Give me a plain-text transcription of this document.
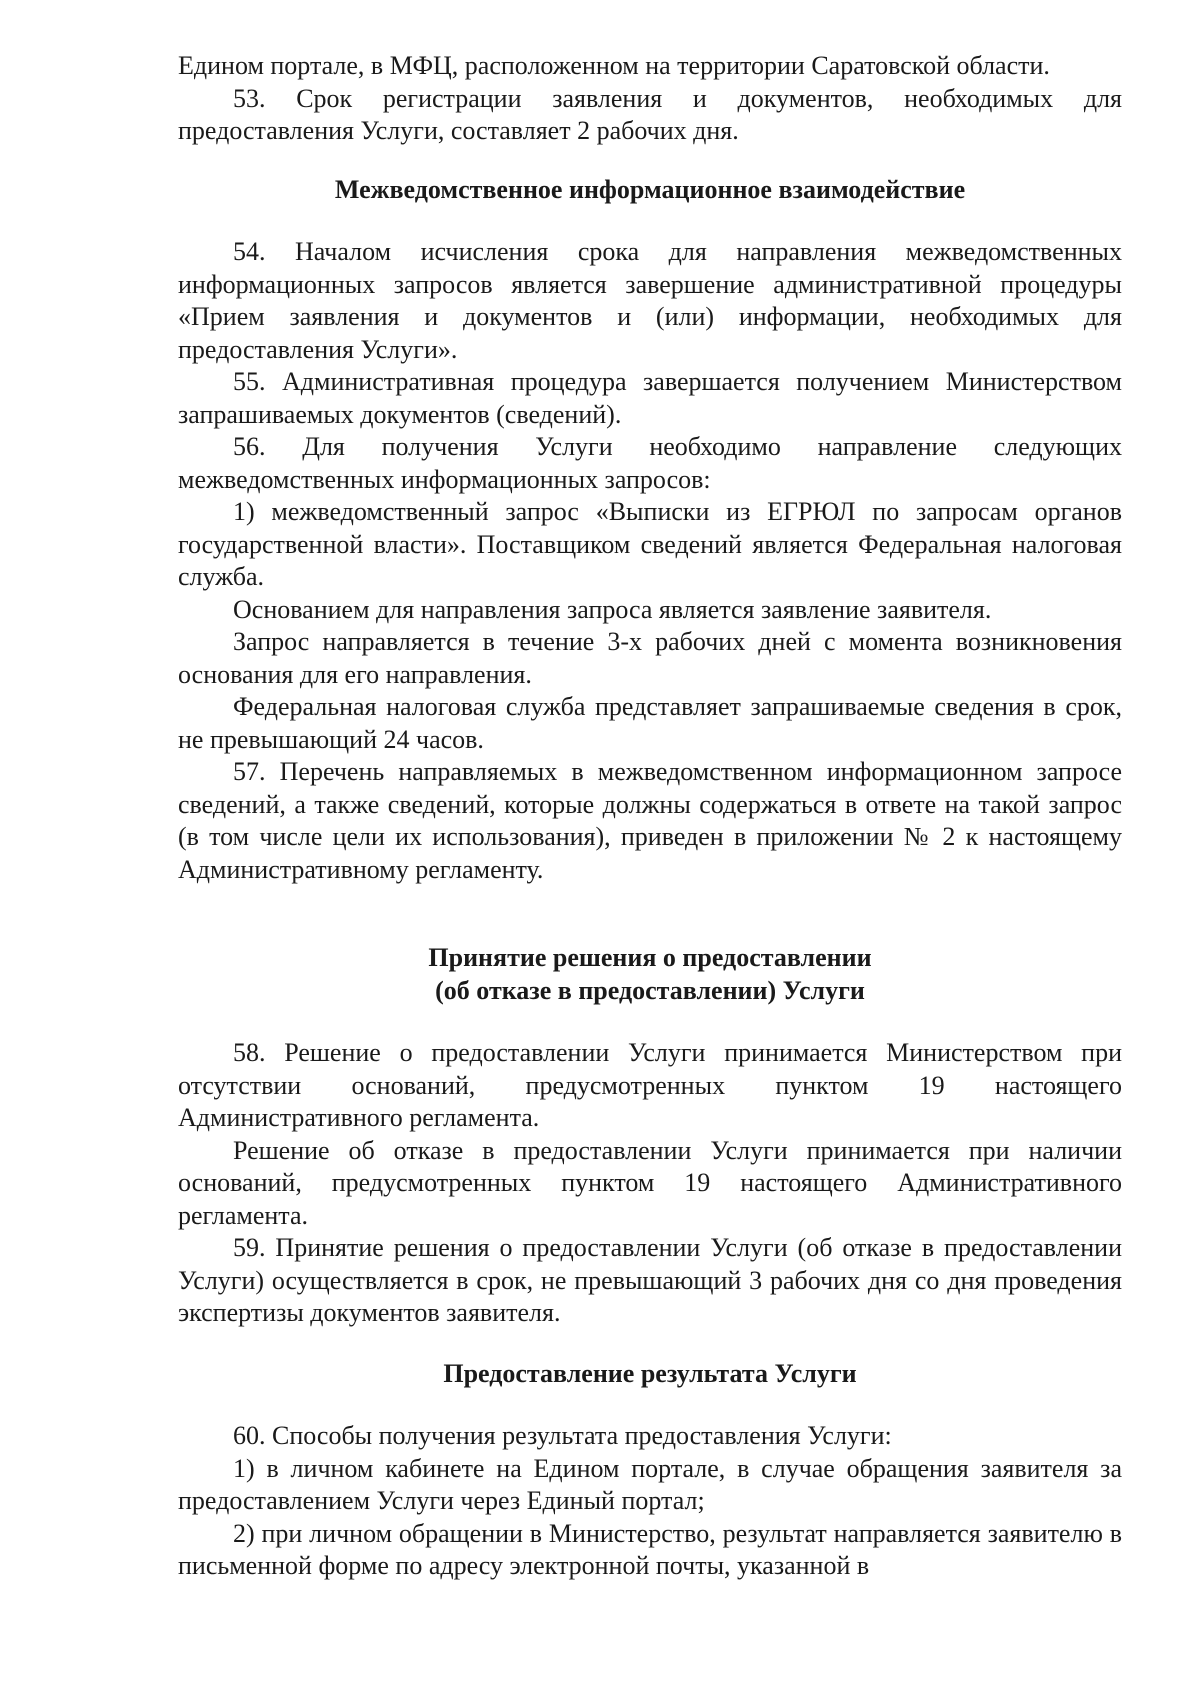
Едином портале, в МФЦ, расположенном на территории Саратовской области.

53. Срок регистрации заявления и документов, необходимых для предоставления Услуги, составляет 2 рабочих дня.

Межведомственное информационное взаимодействие

54. Началом исчисления срока для направления межведомственных информационных запросов является завершение административной процедуры «Прием заявления и документов и (или) информации, необходимых для предоставления Услуги».

55. Административная процедура завершается получением Министерством запрашиваемых документов (сведений).

56. Для получения Услуги необходимо направление следующих межведомственных информационных запросов:

1) межведомственный запрос «Выписки из ЕГРЮЛ по запросам органов государственной власти». Поставщиком сведений является Федеральная налоговая служба.

Основанием для направления запроса является заявление заявителя.

Запрос направляется в течение 3-х рабочих дней с момента возникновения основания для его направления.

Федеральная налоговая служба представляет запрашиваемые сведения в срок, не превышающий 24 часов.

57. Перечень направляемых в межведомственном информационном запросе сведений, а также сведений, которые должны содержаться в ответе на такой запрос (в том числе цели их использования), приведен в приложении № 2 к настоящему Административному регламенту.

Принятие решения о предоставлении
(об отказе в предоставлении) Услуги

58. Решение о предоставлении Услуги принимается Министерством при отсутствии оснований, предусмотренных пунктом 19 настоящего Административного регламента.

Решение об отказе в предоставлении Услуги принимается при наличии оснований, предусмотренных пунктом 19 настоящего Административного регламента.

59. Принятие решения о предоставлении Услуги (об отказе в предоставлении Услуги) осуществляется в срок, не превышающий 3 рабочих дня со дня проведения экспертизы документов заявителя.

Предоставление результата Услуги

60. Способы получения результата предоставления Услуги:

1) в личном кабинете на Едином портале, в случае обращения заявителя за предоставлением Услуги через Единый портал;

2) при личном обращении в Министерство, результат направляется заявителю в письменной форме по адресу электронной почты, указанной в
